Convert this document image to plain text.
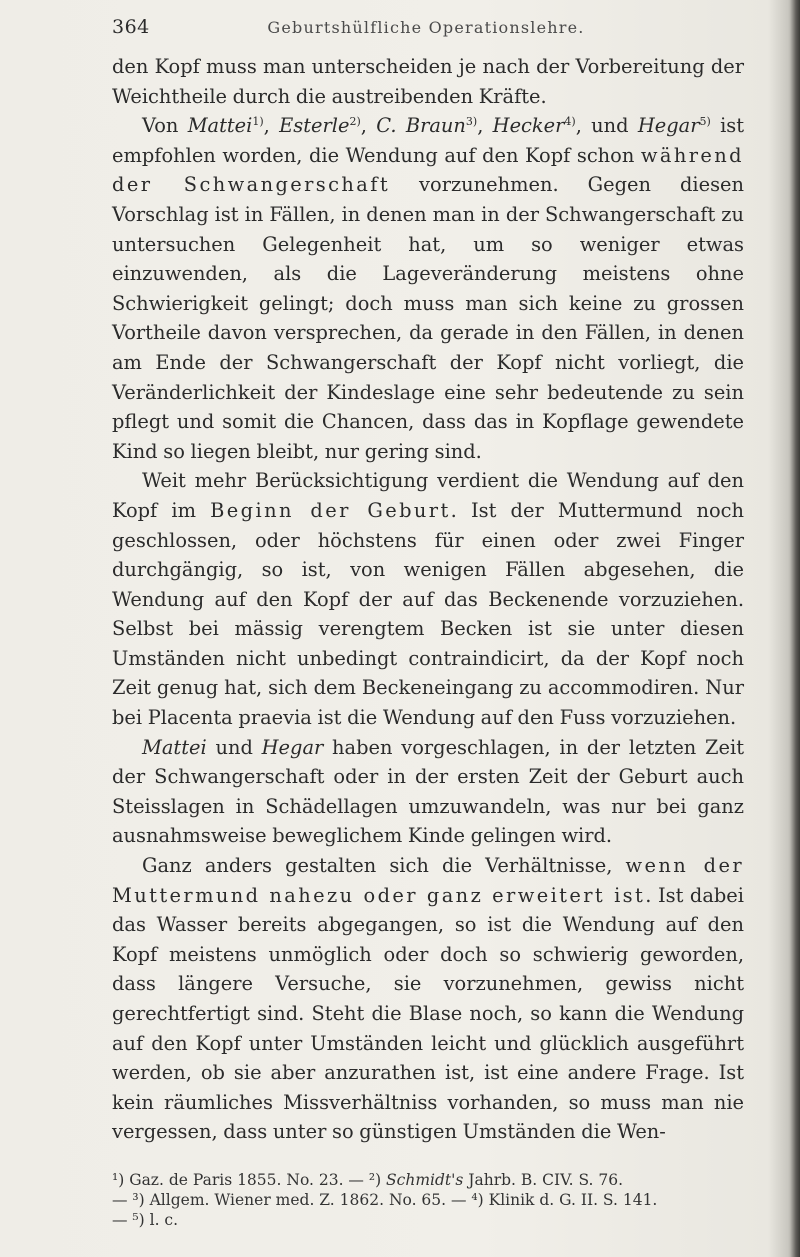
364	Geburtshülfliche Operationslehre.

den Kopf muss man unterscheiden je nach der Vorbereitung der Weichtheile durch die austreibenden Kräfte.

Von Mattei$^{1)}$, Esterle$^{2)}$, C. Braun$^{3)}$, Hecker$^{4)}$, und Hegar$^{5)}$ ist empfohlen worden, die Wendung auf den Kopf schon während der Schwangerschaft vorzunehmen. Gegen diesen Vorschlag ist in Fällen, in denen man in der Schwangerschaft zu untersuchen Gelegenheit hat, um so weniger etwas einzuwenden, als die Lageveränderung meistens ohne Schwierigkeit gelingt; doch muss man sich keine zu grossen Vortheile davon versprechen, da gerade in den Fällen, in denen am Ende der Schwangerschaft der Kopf nicht vorliegt, die Veränderlichkeit der Kindeslage eine sehr bedeutende zu sein pflegt und somit die Chancen, dass das in Kopflage gewendete Kind so liegen bleibt, nur gering sind.

Weit mehr Berücksichtigung verdient die Wendung auf den Kopf im Beginn der Geburt. Ist der Muttermund noch geschlossen, oder höchstens für einen oder zwei Finger durchgängig, so ist, von wenigen Fällen abgesehen, die Wendung auf den Kopf der auf das Beckenende vorzuziehen. Selbst bei mässig verengtem Becken ist sie unter diesen Umständen nicht unbedingt contraindicirt, da der Kopf noch Zeit genug hat, sich dem Beckeneingang zu accommodiren. Nur bei Placenta praevia ist die Wendung auf den Fuss vorzuziehen.

Mattei und Hegar haben vorgeschlagen, in der letzten Zeit der Schwangerschaft oder in der ersten Zeit der Geburt auch Steisslagen in Schädellagen umzuwandeln, was nur bei ganz ausnahmsweise beweglichem Kinde gelingen wird.

Ganz anders gestalten sich die Verhältnisse, wenn der Muttermund nahezu oder ganz erweitert ist. Ist dabei das Wasser bereits abgegangen, so ist die Wendung auf den Kopf meistens unmöglich oder doch so schwierig geworden, dass längere Versuche, sie vorzunehmen, gewiss nicht gerechtfertigt sind. Steht die Blase noch, so kann die Wendung auf den Kopf unter Umständen leicht und glücklich ausgeführt werden, ob sie aber anzurathen ist, ist eine andere Frage. Ist kein räumliches Missverhältniss vorhanden, so muss man nie vergessen, dass unter so günstigen Umständen die Wen-

¹) Gaz. de Paris 1855. No. 23. — ²) Schmidt's Jahrb. B. CIV. S. 76.
— ³) Allgem. Wiener med. Z. 1862. No. 65. — ⁴) Klinik d. G. II. S. 141.
— ⁵) l. c.
